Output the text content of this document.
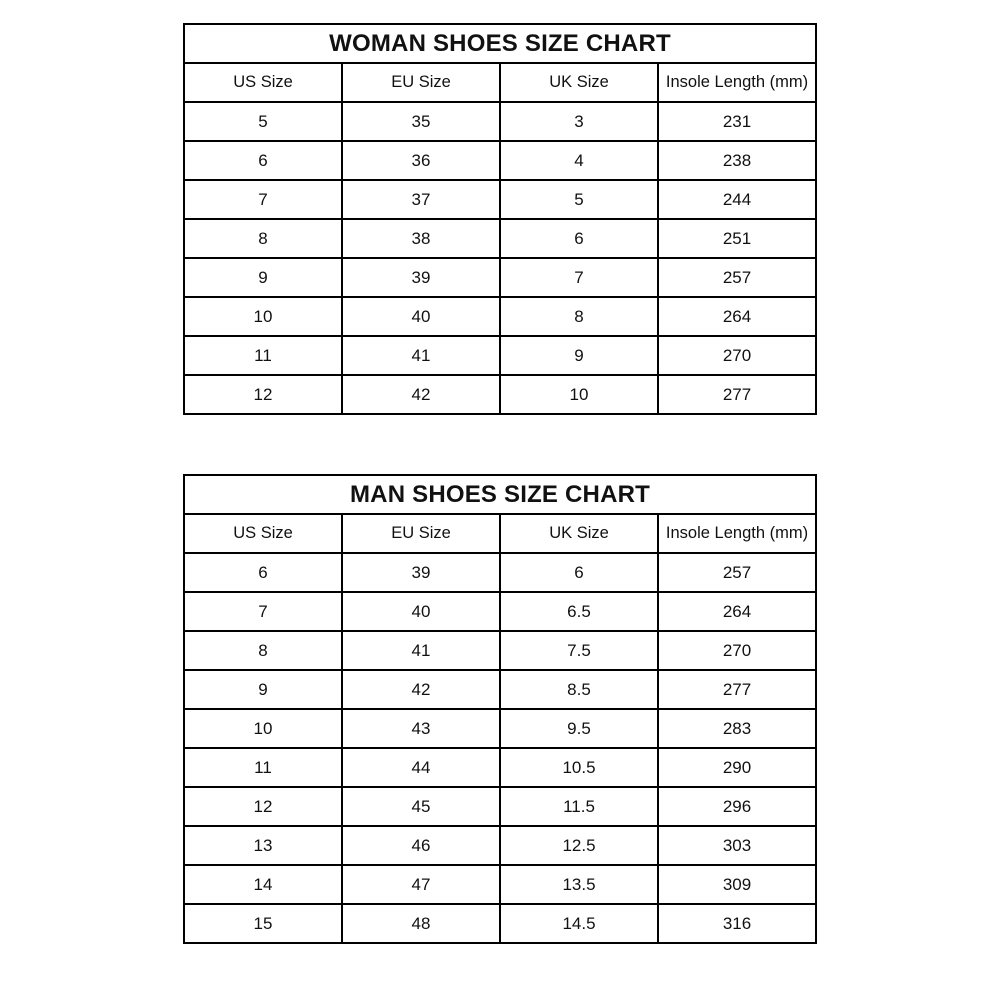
WOMAN SHOES SIZE CHART			
US Size	EU Size	UK Size	Insole Length (mm)
5	35	3	231
6	36	4	238
7	37	5	244
8	38	6	251
9	39	7	257
10	40	8	264
11	41	9	270
12	42	10	277
MAN SHOES SIZE CHART			
US Size	EU Size	UK Size	Insole Length (mm)
6	39	6	257
7	40	6.5	264
8	41	7.5	270
9	42	8.5	277
10	43	9.5	283
11	44	10.5	290
12	45	11.5	296
13	46	12.5	303
14	47	13.5	309
15	48	14.5	316
